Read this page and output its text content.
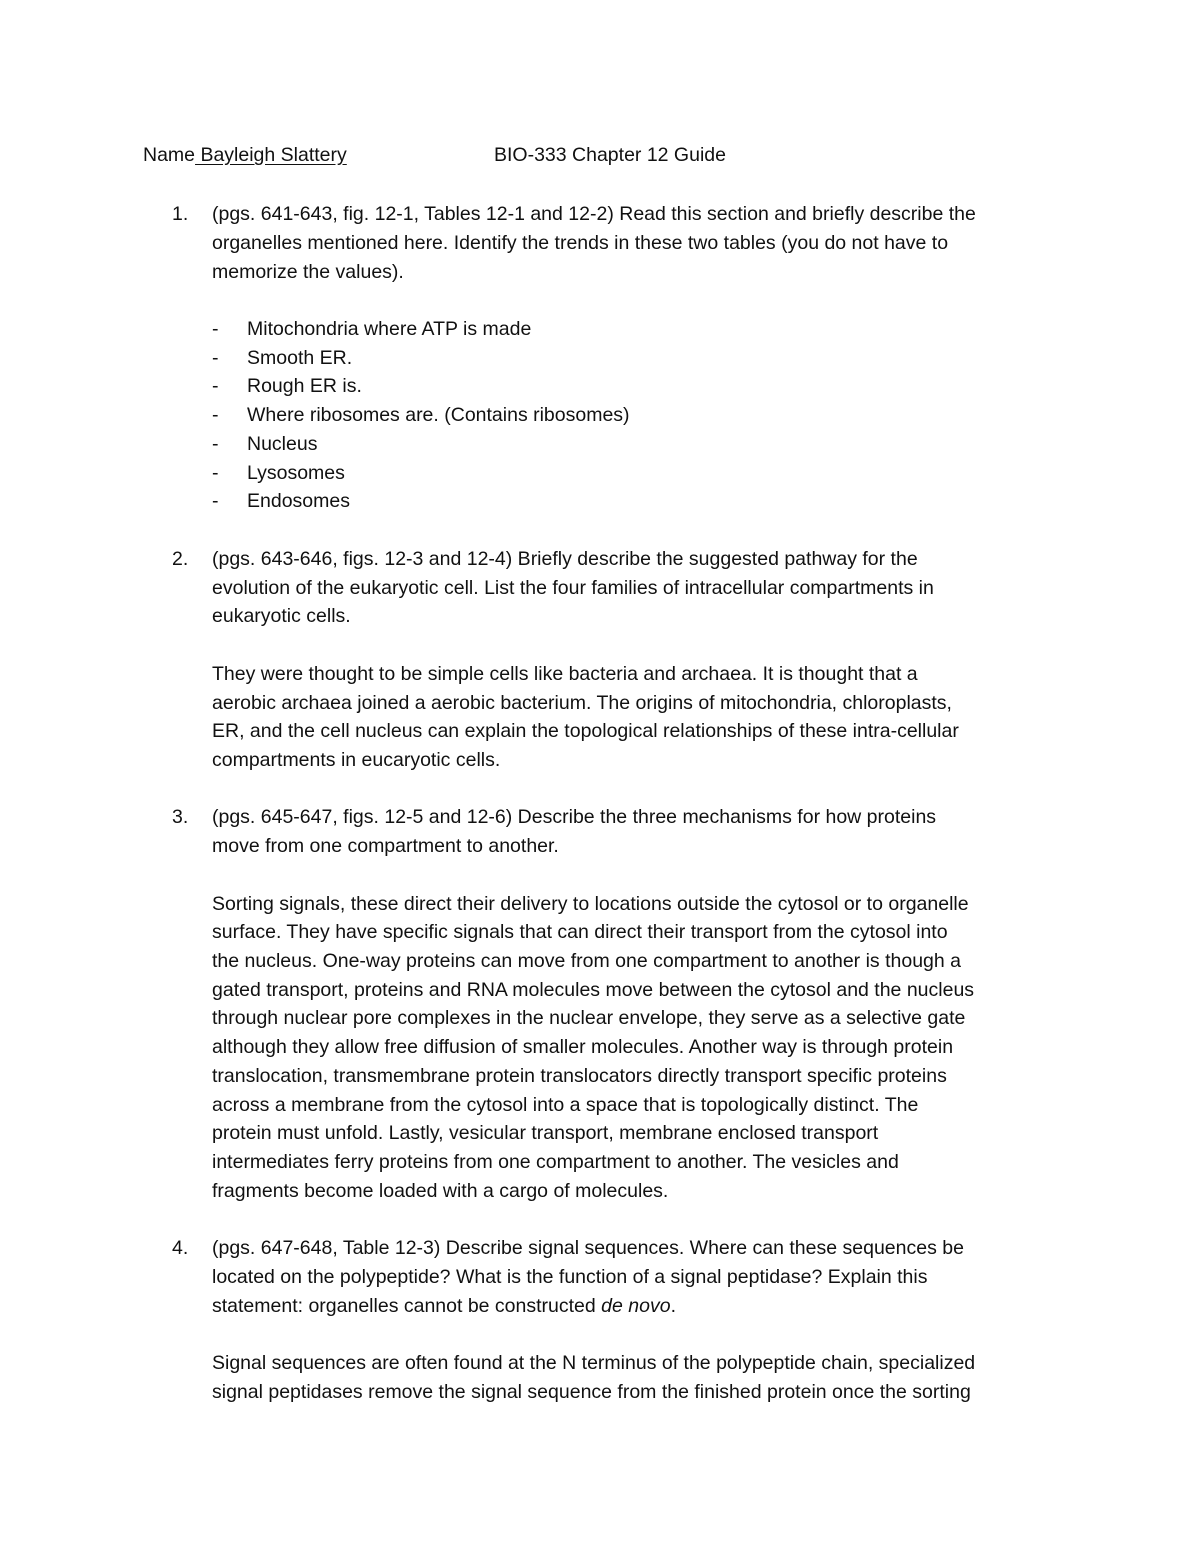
Name Bayleigh Slattery	BIO-333 Chapter 12 Guide
1. (pgs. 641-643, fig. 12-1, Tables 12-1 and 12-2) Read this section and briefly describe the
organelles mentioned here. Identify the trends in these two tables (you do not have to
memorize the values).
- Mitochondria where ATP is made
- Smooth ER.
- Rough ER is.
- Where ribosomes are. (Contains ribosomes)
- Nucleus
- Lysosomes
- Endosomes
2. (pgs. 643-646, figs. 12-3 and 12-4) Briefly describe the suggested pathway for the
evolution of the eukaryotic cell. List the four families of intracellular compartments in
eukaryotic cells.
They were thought to be simple cells like bacteria and archaea. It is thought that a
aerobic archaea joined a aerobic bacterium. The origins of mitochondria, chloroplasts,
ER, and the cell nucleus can explain the topological relationships of these intra-cellular
compartments in eucaryotic cells.
3. (pgs. 645-647, figs. 12-5 and 12-6) Describe the three mechanisms for how proteins
move from one compartment to another.
Sorting signals, these direct their delivery to locations outside the cytosol or to organelle
surface. They have specific signals that can direct their transport from the cytosol into
the nucleus. One-way proteins can move from one compartment to another is though a
gated transport, proteins and RNA molecules move between the cytosol and the nucleus
through nuclear pore complexes in the nuclear envelope, they serve as a selective gate
although they allow free diffusion of smaller molecules. Another way is through protein
translocation, transmembrane protein translocators directly transport specific proteins
across a membrane from the cytosol into a space that is topologically distinct. The
protein must unfold. Lastly, vesicular transport, membrane enclosed transport
intermediates ferry proteins from one compartment to another. The vesicles and
fragments become loaded with a cargo of molecules.
4. (pgs. 647-648, Table 12-3) Describe signal sequences. Where can these sequences be
located on the polypeptide? What is the function of a signal peptidase? Explain this
statement: organelles cannot be constructed de novo.
Signal sequences are often found at the N terminus of the polypeptide chain, specialized
signal peptidases remove the signal sequence from the finished protein once the sorting
